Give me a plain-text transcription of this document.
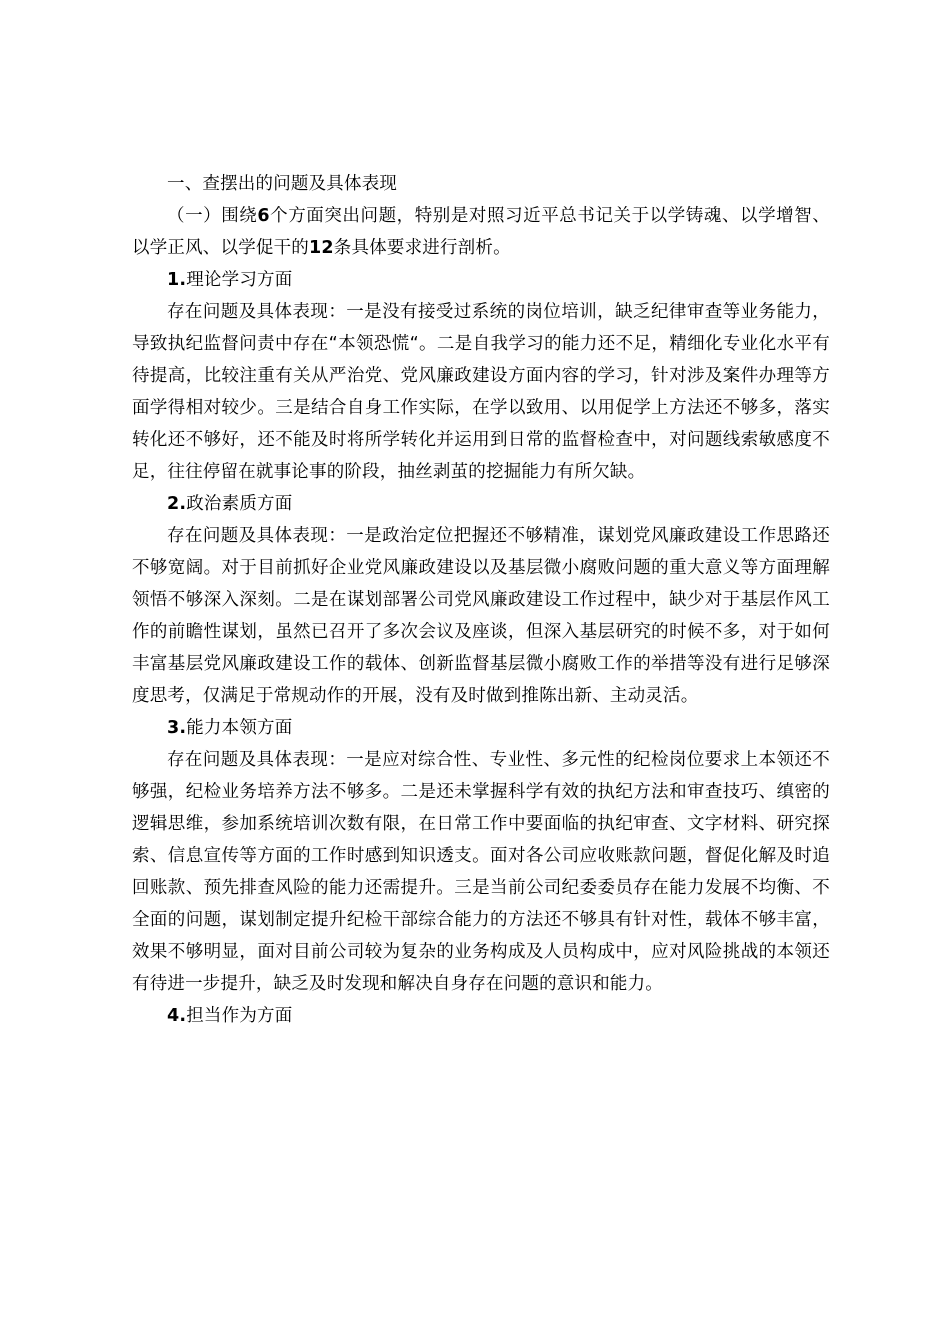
一、查摆出的问题及具体表现

（一）围绕6个方面突出问题，特别是对照习近平总书记关于以学铸魂、以学增智、以学正风、以学促干的12条具体要求进行剖析。

1.理论学习方面

存在问题及具体表现：一是没有接受过系统的岗位培训，缺乏纪律审查等业务能力，导致执纪监督问责中存在“本领恐慌“。二是自我学习的能力还不足，精细化专业化水平有待提高，比较注重有关从严治党、党风廉政建设方面内容的学习，针对涉及案件办理等方面学得相对较少。三是结合自身工作实际，在学以致用、以用促学上方法还不够多，落实转化还不够好，还不能及时将所学转化并运用到日常的监督检查中，对问题线索敏感度不足，往往停留在就事论事的阶段，抽丝剥茧的挖掘能力有所欠缺。

2.政治素质方面

存在问题及具体表现：一是政治定位把握还不够精准，谋划党风廉政建设工作思路还不够宽阔。对于目前抓好企业党风廉政建设以及基层微小腐败问题的重大意义等方面理解领悟不够深入深刻。二是在谋划部署公司党风廉政建设工作过程中，缺少对于基层作风工作的前瞻性谋划，虽然已召开了多次会议及座谈，但深入基层研究的时候不多，对于如何丰富基层党风廉政建设工作的载体、创新监督基层微小腐败工作的举措等没有进行足够深度思考，仅满足于常规动作的开展，没有及时做到推陈出新、主动灵活。

3.能力本领方面

存在问题及具体表现：一是应对综合性、专业性、多元性的纪检岗位要求上本领还不够强，纪检业务培养方法不够多。二是还未掌握科学有效的执纪方法和审查技巧、缜密的逻辑思维，参加系统培训次数有限，在日常工作中要面临的执纪审查、文字材料、研究探索、信息宣传等方面的工作时感到知识透支。面对各公司应收账款问题，督促化解及时追回账款、预先排查风险的能力还需提升。三是当前公司纪委委员存在能力发展不均衡、不全面的问题，谋划制定提升纪检干部综合能力的方法还不够具有针对性，载体不够丰富，效果不够明显，面对目前公司较为复杂的业务构成及人员构成中，应对风险挑战的本领还有待进一步提升，缺乏及时发现和解决自身存在问题的意识和能力。

4.担当作为方面
